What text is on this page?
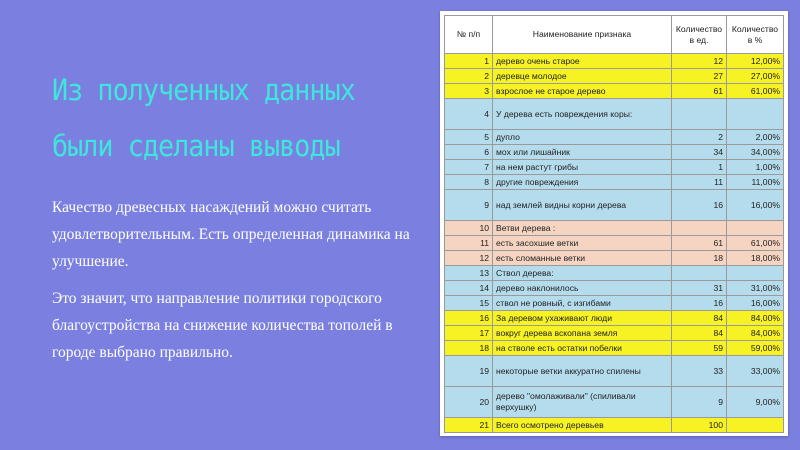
Из полученных данных
были сделаны выводы

Качество древесных насаждений можно считать удовлетворительным. Есть определенная динамика на улучшение.

Это значит, что направление политики городского благоустройства на снижение количества тополей в городе выбрано правильно.

№ п/п	Наименование признака	Количество в ед.	Количество в %
1	дерево очень старое	12	12,00%
2	деревце молодое	27	27,00%
3	взрослое не старое дерево	61	61,00%
4	У дерева есть повреждения коры:		
5	дупло	2	2,00%
6	мох или лишайник	34	34,00%
7	на нем растут грибы	1	1,00%
8	другие повреждения	11	11,00%
9	над землей видны корни дерева	16	16,00%
10	Ветви дерева :		
11	есть засохшие ветки	61	61,00%
12	есть сломанные ветки	18	18,00%
13	Ствол дерева:		
14	дерево наклонилось	31	31,00%
15	ствол не ровный, с изгибами	16	16,00%
16	За деревом ухаживают люди	84	84,00%
17	вокруг дерева вскопана земля	84	84,00%
18	на стволе есть остатки побелки	59	59,00%
19	некоторые ветки аккуратно спилены	33	33,00%
20	дерево "омолаживали" (спиливали верхушку)	9	9,00%
21	Всего осмотрено деревьев	100	
